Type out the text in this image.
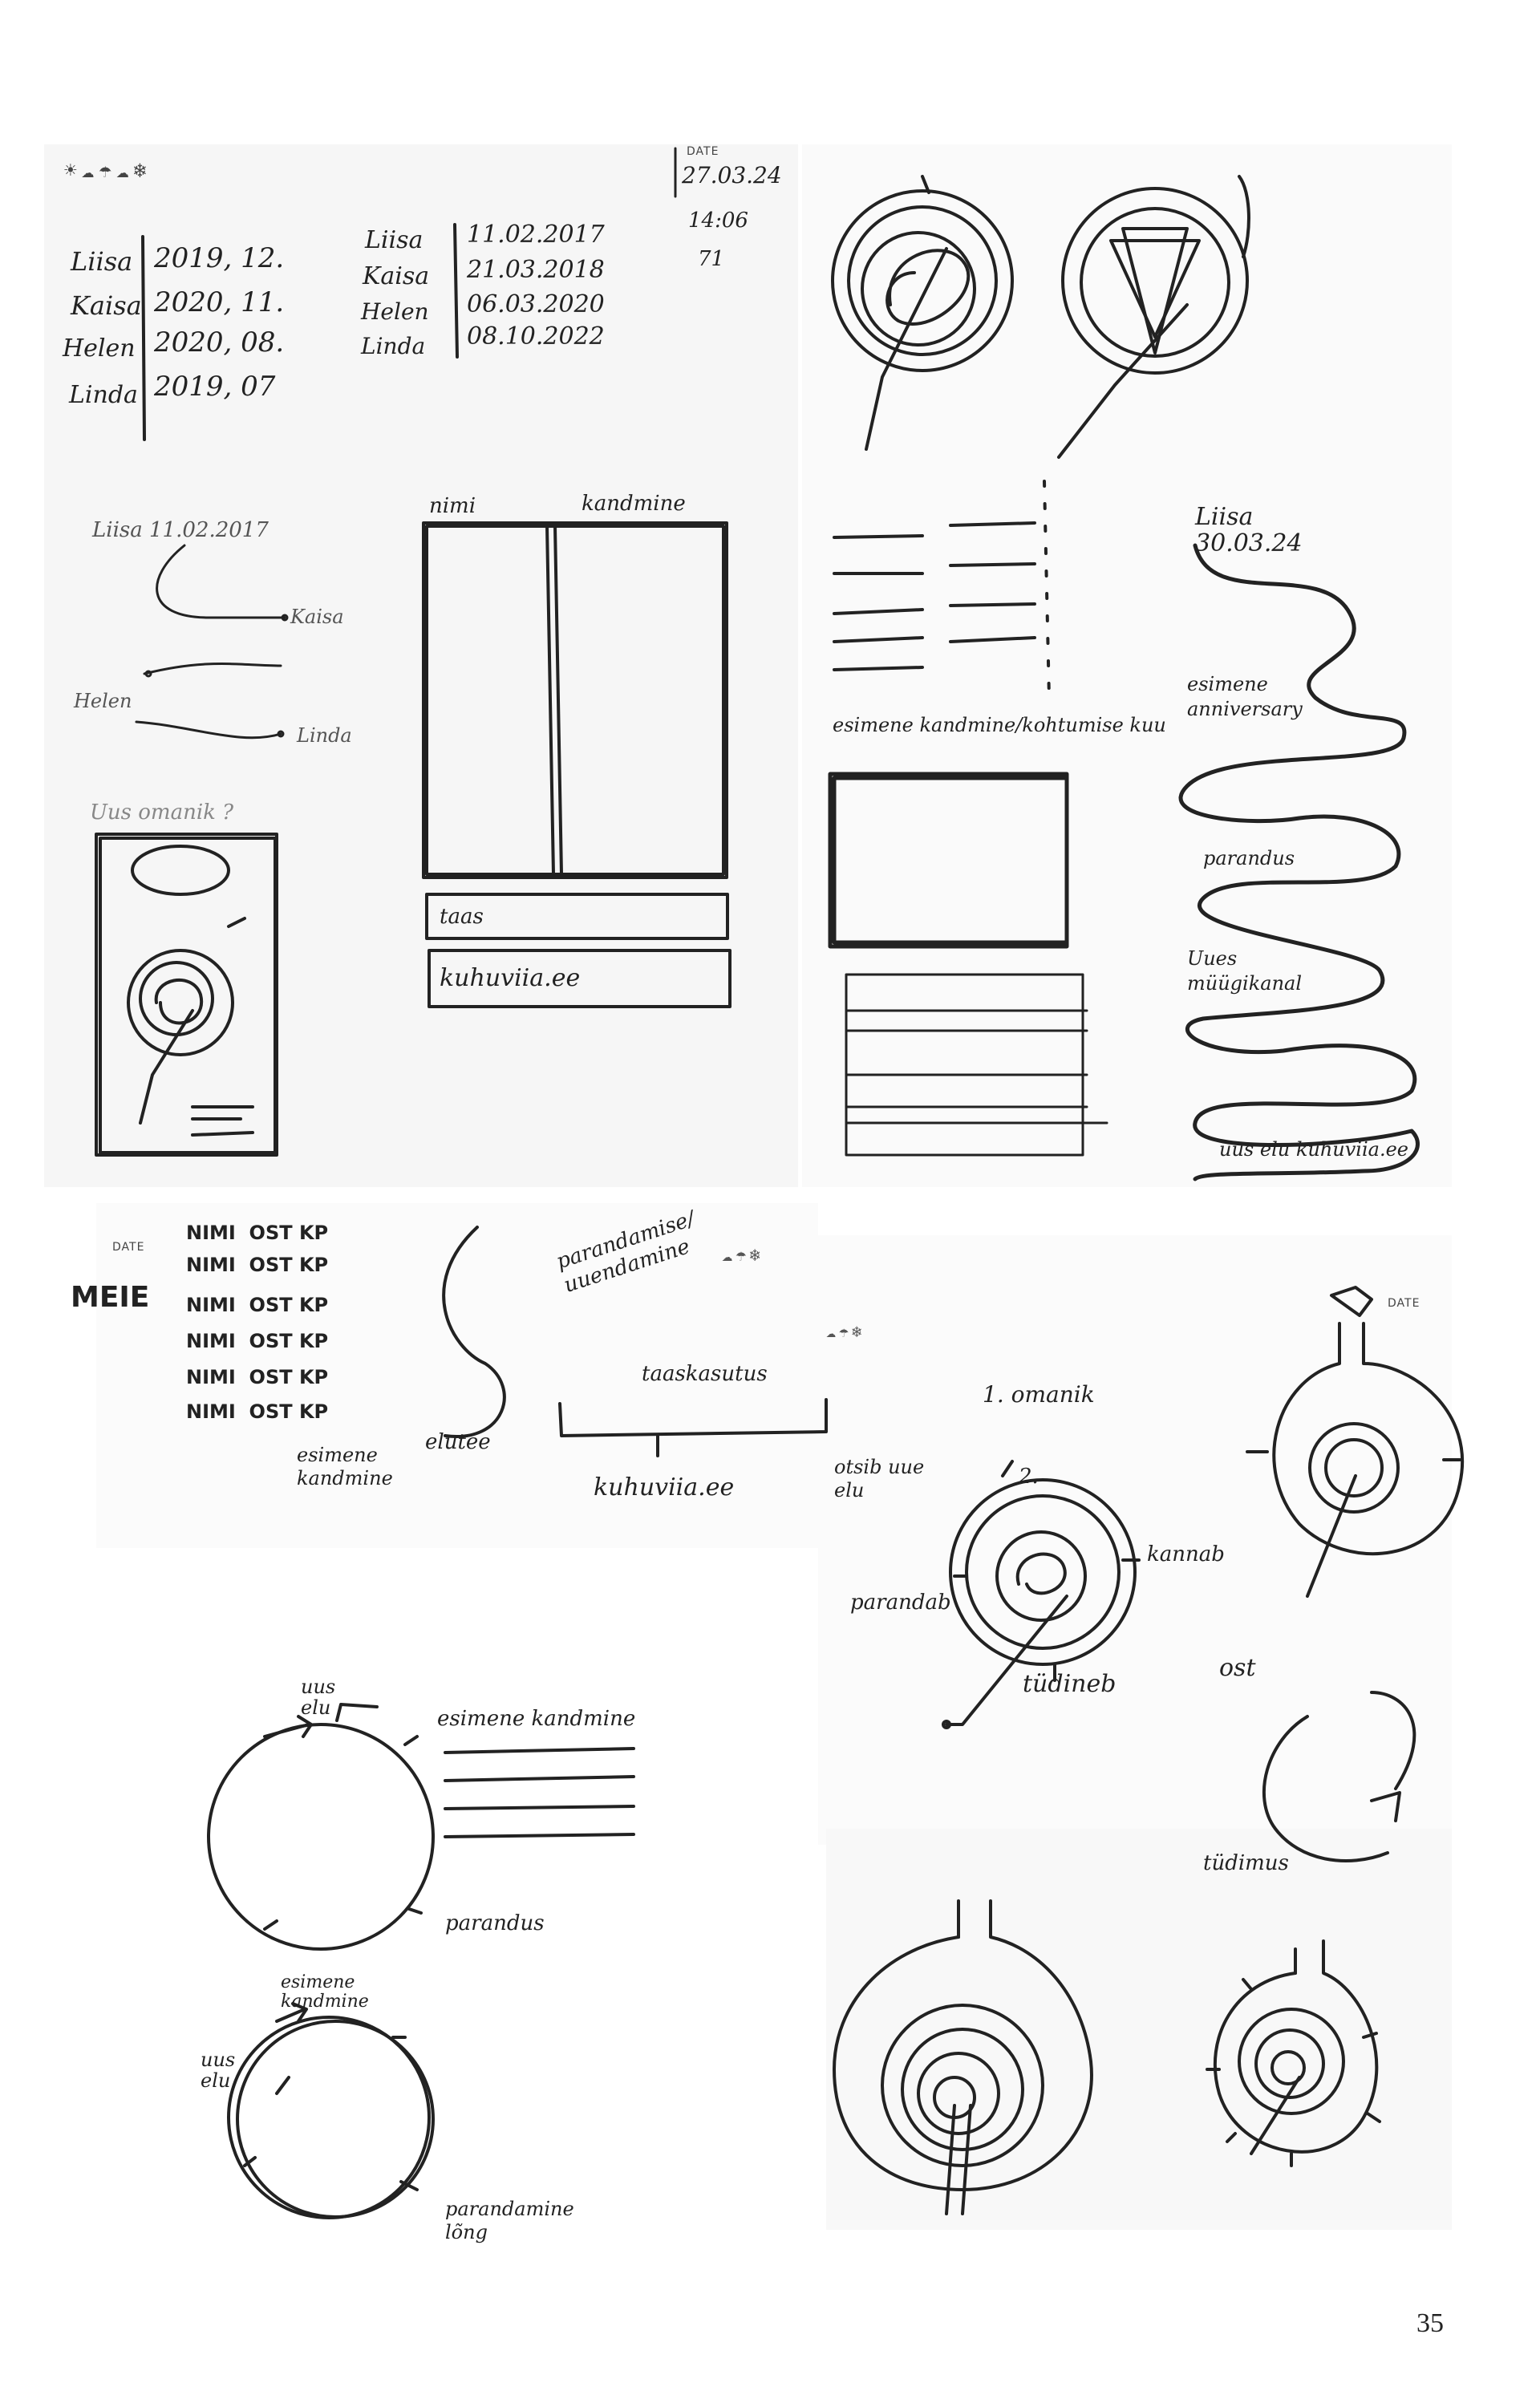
☀☁☂☁❄
DATE
27.03.24
14:06
71
Liisa 2019, 12.
Kaisa 2020, 11.
Helen 2020, 08.
Linda 2019, 07
Liisa 11.02.2017
Kaisa 21.03.2018
Helen 06.03.2020
Linda 08.10.2022
Liisa 11.02.2017
Kaisa
Helen
Linda
Uus omanik ?
nimi	kandmine
taas
kuhuviia.ee
esimene kandmine/kohtumise kuu
Liisa 30.03.24
esimene anniversary
parandus
Uues müügikanal
uus elu kuhuviia.ee
DATE
MEIE
NIMI  OST KP
NIMI  OST KP
NIMI  OST KP
NIMI  OST KP
NIMI  OST KP
NIMI  OST KP
esimene kandmine
elutee
parandamise/ uuendamine	☁☂❄
taaskasutus
kuhuviia.ee
☁☂❄
DATE
1. omanik
2.
otsib uue elu
kannab
parandab
tüdineb
ost
tüdimus
uus elu	esimene kandmine
parandus
esimene kandmine
uus elu
parandamine lõng
35
